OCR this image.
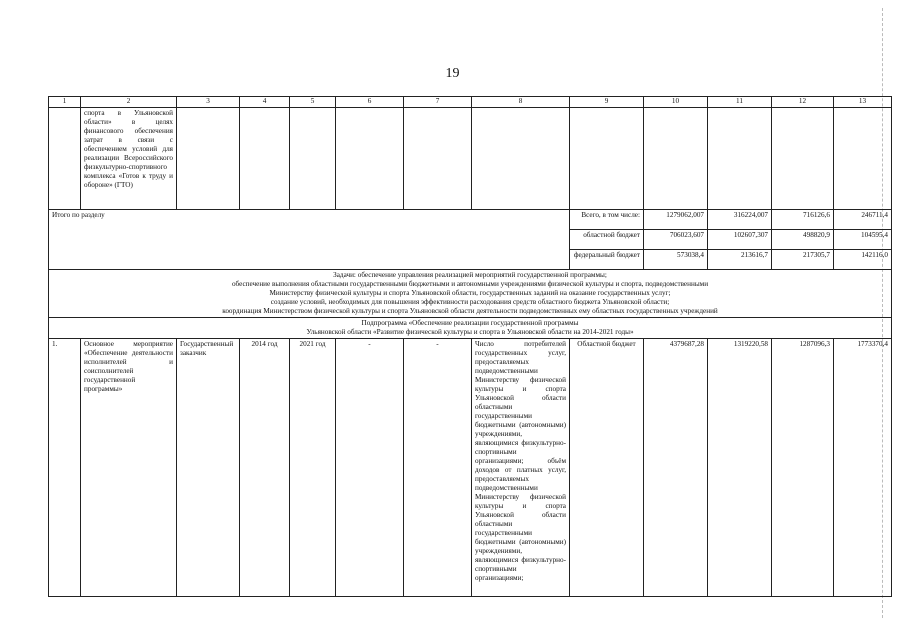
19
1	2	3	4	5	6	7	8	9	10	11	12	13
	спорта в Ульяновской области» в целях финансового обеспечения затрат в связи с обеспечением условий для реализации Всероссийского физкультурно-спортивного комплекса «Готов к труду и обороне» (ГТО)											
Итого по разделу								Всего, в том числе:	1279062,007	316224,007	716126,6	246711,4
								областной бюджет	706023,607	102607,307	498820,9	104595,4
								федеральный бюджет	573038,4	213616,7	217305,7	142116,0

Задачи: обеспечение управления реализацией мероприятий государственной программы;
обеспечение выполнения областными государственными бюджетными и автономными учреждениями физической культуры и спорта, подведомственными
Министерству физической культуры и спорта Ульяновской области, государственных заданий на оказание государственных услуг;
создание условий, необходимых для повышения эффективности расходования средств областного бюджета Ульяновской области;
координация Министерством физической культуры и спорта Ульяновской области деятельности подведомственных ему областных государственных учреждений												

Подпрограмма «Обеспечение реализации государственной программы
Ульяновской области «Развитие физической культуры и спорта в Ульяновской области на 2014-2021 годы»												

1.	Основное мероприятие «Обеспечение деятельности исполнителей и соисполнителей государственной программы»	Государственный заказчик	2014 год	2021 год	-	-	Число потребителей государственных услуг, предоставляемых подведомственными Министерству физической культуры и спорта Ульяновской области областными государственными бюджетными (автономными) учреждениями, являющимися физкультурно-спортивными организациями; объём доходов от платных услуг, предоставляемых подведомственными Министерству физической культуры и спорта Ульяновской области областными государственными бюджетными (автономными) учреждениями, являющимися физкультурно-спортивными организациями;	Областной бюджет	4379687,28	1319220,58	1287096,3	1773370,4
